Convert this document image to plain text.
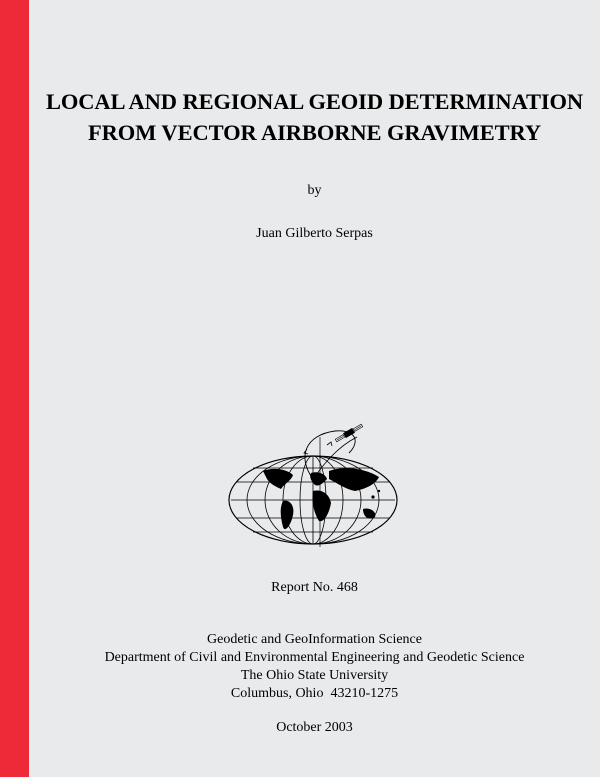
LOCAL AND REGIONAL GEOID DETERMINATION
FROM VECTOR AIRBORNE GRAVIMETRY
by
Juan Gilberto Serpas
Report No. 468
Geodetic and GeoInformation Science
Department of Civil and Environmental Engineering and Geodetic Science
The Ohio State University
Columbus, Ohio  43210-1275
October 2003
